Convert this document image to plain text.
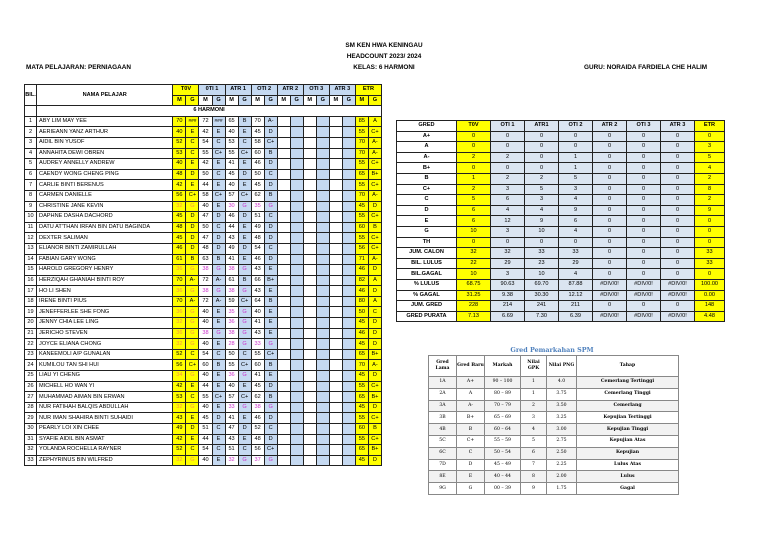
SM KEN HWA KENINGAU
HEADCOUNT 2023/ 2024
KELAS: 6 HARMONI
MATA PELAJARAN: PERNIAGAAN	GURU: NORAIDA FARDIELA CHE HALIM
BIL.	NAMA PELAJAR	T0V		0TI 1		ATR 1		OTI 2		ATR 2		OTI 3		ATR 3		ETR	
		M	G	M	G	M	G	M	G	M	G	M	G	M	G	M	G
	6 HARMONI																
1	ABY LIM MAY YEE	70	###	72	###	65	B	70	A-							85	A
2	AERIEANN YANZ ARTHUR	40	E	42	E	40	E	45	D							55	C+
3	AIDIL BIN YUSOF	52	C	54	C	53	C	58	C+							70	A-
4	ANNAHITA DEWI OBREN	53	C	55	C+	55	C+	60	B							70	A-
5	AUDREY ANNELLY ANDREW	40	E	42	E	41	E	46	D							55	C+
6	CAENDY WONG CHENG PING	48	D	50	C	45	D	50	C							65	B+
7	CARLIE BINTI BERENUS	42	E	44	E	40	E	45	D							55	C+
8	CARMEN DANIELLE	56	C+	58	C+	57	C+	62	B							70	A-
9	CHRISTINE JANE KEVIN	32	G	40	E	30	G	35	G							45	D
10	DAPHNE DASHA DACHORD	45	D	47	D	46	D	51	C							55	C+
11	DATU AT'THAN IRFAN BIN DATU BAGINDA	48	D	50	C	44	E	49	D							60	B
12	DEXTER SALIMAN	45	D	47	D	43	E	48	D							55	C+
13	ELIANOR BINTI ZAMIRULLAH	46	D	48	D	49	D	54	C							56	C+
14	FABIAN GARY WONG	61	B	63	B	41	E	46	D							71	A-
15	HAROLD GREGORY HENRY	36	G	38	G	38	G	43	E							46	D
16	HERZIQAH GHANIAH BINTI ROY	70	A-	72	A-	61	B	66	B+							82	A
17	HO LI SHEN	36	G	38	G	38	G	43	E							46	D
18	IRENE BINTI PIUS	70	A-	72	A-	59	C+	64	B							80	A
19	JENEFFERLEE SHE FONG	36	G	40	E	35	G	40	E							50	C
20	JENNY CHIA LEE LING	32	G	40	E	36	G	41	E							45	D
21	JERICHO STEVEN	36	G	38	G	38	G	43	E							46	D
22	JOYCE ELIANA CHONG	32	G	40	E	28	G	33	G							45	D
23	KANEEMOLI A/P GUNALAN	52	C	54	C	50	C	55	C+							65	B+
24	KUMILOU TAN SHI HUI	56	C+	60	B	55	C+	60	B							70	A-
25	LIAU YI CHENG	34	G	40	E	36	G	41	E							45	D
26	MICHELL HO WAN YI	42	E	44	E	40	E	45	D							55	C+
27	MUHAMMAD AIMAN BIN ERWAN	53	C	55	C+	57	C+	62	B							65	B+
28	NUR FATIHAH BALQIS ABDULLAH	32	G	40	E	33	G	38	G							45	D
29	NUR IMAN SHAHIRA BINTI SUHAIDI	43	E	45	D	41	E	46	D							55	C+
30	PEARLY LOI XIN CHEE	49	D	51	C	47	D	52	C							60	B
31	SYAFIE AIDIL BIN ASMAT	42	E	44	E	43	E	48	D							55	C+
32	YOLANDA ROCHELLA RAYNER	52	C	54	C	51	C	56	C+							65	B+
33	ZEPHYRINUS BIN WILFRED	32	G	40	E	32	G	37	G							45	D
GRED	T0V	OTI 1	ATR1	OTI 2	ATR 2	OTI 3	ATR 3	ETR
A+	0	0	0	0	0	0	0	0
A	0	0	0	0	0	0	0	3
A-	2	2	0	1	0	0	0	5
B+	0	0	0	1	0	0	0	4
B	1	2	2	5	0	0	0	2
C+	2	3	5	3	0	0	0	8
C	5	6	3	4	0	0	0	2
D	6	4	4	9	0	0	0	9
E	6	12	9	6	0	0	0	0
G	10	3	10	4	0	0	0	0
TH	0	0	0	0	0	0	0	0
JUM. CALON	32	32	33	33	0	0	0	33
BIL. LULUS	22	29	23	29	0	0	0	33
BIL.GAGAL	10	3	10	4	0	0	0	0
% LULUS	68.75	90.63	69.70	87.88	#DIV/0!	#DIV/0!	#DIV/0!	100.00
% GAGAL	31.25	9.38	30.30	12.12	#DIV/0!	#DIV/0!	#DIV/0!	0.00
JUM. GRED	228	214	241	211	0	0	0	148
GRED PURATA	7.13	6.69	7.30	6.39	#DIV/0!	#DIV/0!	#DIV/0!	4.48
Gred Pemarkahan SPM
Gred Lama	Gred Baru	Markah	Nilai GPK	Nilai PNG	Tahap
1A	A+	90 – 100	1	4.0	Cemerlang Tertinggi
2A	A	80 – 89	1	3.75	Cemerlang Tinggi
3A	A-	70 – 79	2	3.50	Cemerlang
3B	B+	65 – 69	3	3.25	Kepujian Tertinggi
4B	B	60 – 64	4	3.00	Kepujian Tinggi
5C	C+	55 – 59	5	2.75	Kepujian Atas
6C	C	50 – 54	6	2.50	Kepujian
7D	D	45 – 49	7	2.25	Lulus Atas
8E	E	40 – 44	8	2.00	Lulus
9G	G	00 – 39	9	1.75	Gagal
